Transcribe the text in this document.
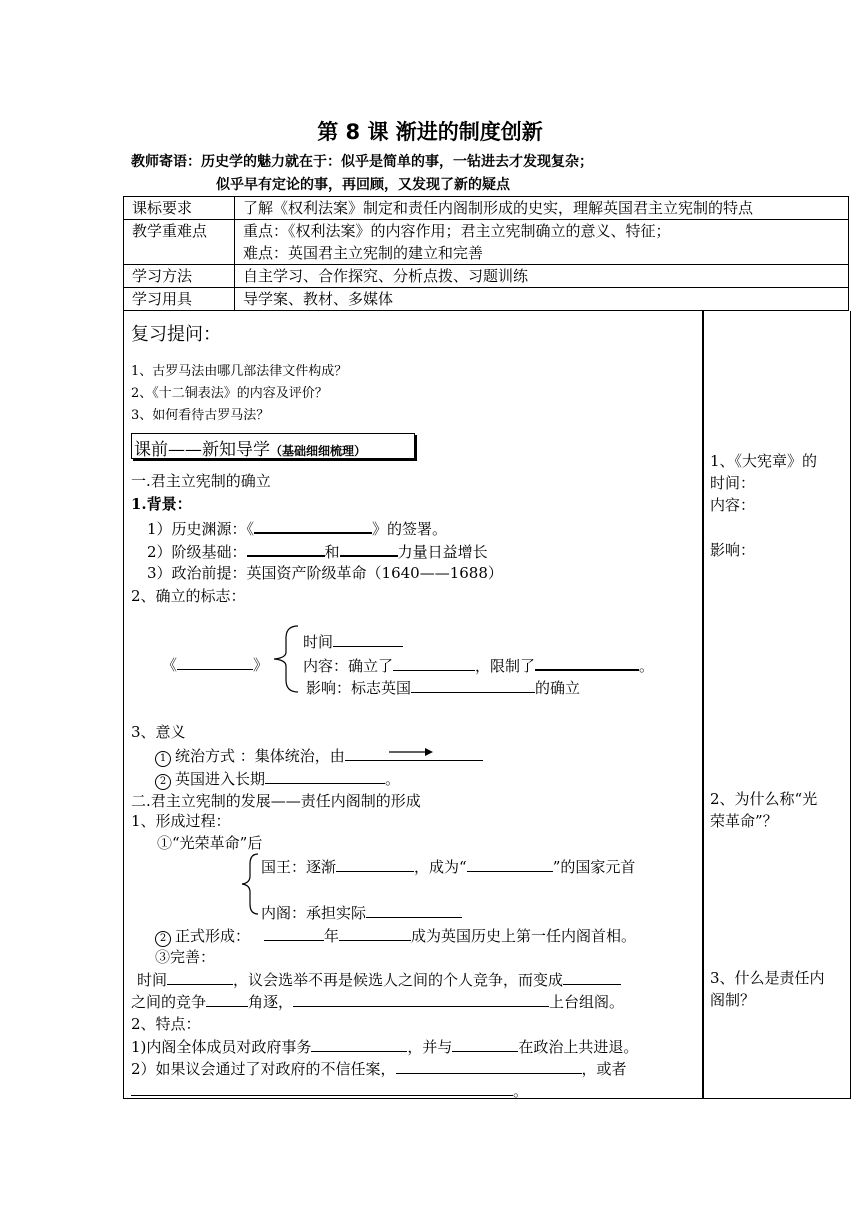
第 8 课 渐进的制度创新
教师寄语：历史学的魅力就在于：似乎是简单的事，一钻进去才发现复杂；
似乎早有定论的事，再回顾，又发现了新的疑点
课标要求	了解《权利法案》制定和责任内阁制形成的史实，理解英国君主立宪制的特点
教学重难点	重点：《权利法案》的内容作用；君主立宪制确立的意义、特征；
难点：英国君主立宪制的建立和完善

学习方法	自主学习、合作探究、分析点拨、习题训练
学习用具	导学案、教材、多媒体
复习提问：
1、古罗马法由哪几部法律文件构成？
2、《十二铜表法》的内容及评价？
3、如何看待古罗马法？
课前——新知导学（基础细细梳理）
一.君主立宪制的确立
1.背景：
1）历史渊源：《	》的签署。
2）阶级基础：	和	力量日益增长
3）政治前提：英国资产阶级革命（1640——1688）
2、确立的标志：
《	》
时间
内容：确立了	，限制了	。
影响：标志英国	的确立
3、意义
1 统治方式 ：集体统治，由
2 英国进入长期	。
二.君主立宪制的发展——责任内阁制的形成
1、形成过程：
①“光荣革命”后
国王：逐渐	，成为“	”的国家元首
内阁：承担实际
2 正式形成：	年	成为英国历史上第一任内阁首相。
③完善：
时间	，议会选举不再是候选人之间的个人竞争，而变成
之间的竞争	角逐，	上台组阁。
2、特点：
1)内阁全体成员对政府事务	，并与	在政治上共进退。
2）如果议会通过了对政府的不信任案，	，或者
。
1、《大宪章》的
时间：
内容：
影响：
2、为什么称“光
荣革命”？
3、什么是责任内
阁制？
